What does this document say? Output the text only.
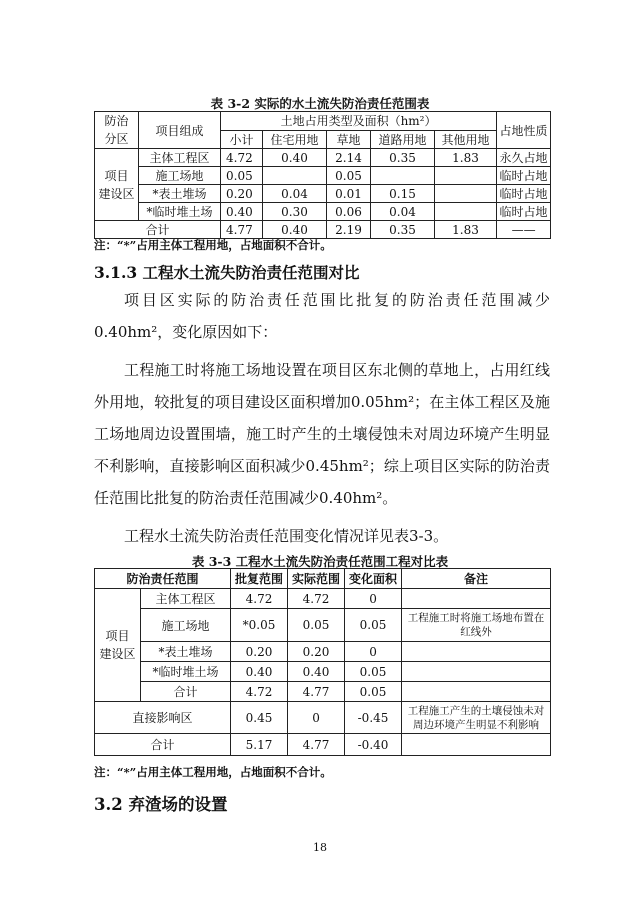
表 3-2 实际的水土流失防治责任范围表
防治
分区	项目组成	土地占用类型及面积（hm²）					占地性质
		小计	住宅用地	草地	道路用地	其他用地	
项目
建设区	主体工程区	4.72	0.40	2.14	0.35	1.83	永久占地
	施工场地	0.05		0.05			临时占地
	*表土堆场	0.20	0.04	0.01	0.15		临时占地
	*临时堆土场	0.40	0.30	0.06	0.04		临时占地
合计		4.77	0.40	2.19	0.35	1.83	——
注：“*”占用主体工程用地，占地面积不合计。
3.1.3 工程水土流失防治责任范围对比

项目区实际的防治责任范围比批复的防治责任范围减少0.40hm²，变化原因如下：

工程施工时将施工场地设置在项目区东北侧的草地上，占用红线外用地，较批复的项目建设区面积增加0.05hm²；在主体工程区及施工场地周边设置围墙，施工时产生的土壤侵蚀未对周边环境产生明显不利影响，直接影响区面积减少0.45hm²；综上项目区实际的防治责任范围比批复的防治责任范围减少0.40hm²。

工程水土流失防治责任范围变化情况详见表3-3。

表 3-3 工程水土流失防治责任范围工程对比表
防治责任范围		批复范围	实际范围	变化面积	备注
项目
建设区	主体工程区	4.72	4.72	0	
	施工场地	*0.05	0.05	0.05	工程施工时将施工场地布置在红线外
	*表土堆场	0.20	0.20	0	
	*临时堆土场	0.40	0.40	0.05	
	合计	4.72	4.77	0.05	
直接影响区		0.45	0	-0.45	工程施工产生的土壤侵蚀未对周边环境产生明显不利影响
合计		5.17	4.77	-0.40	
注：“*”占用主体工程用地，占地面积不合计。
3.2 弃渣场的设置
18
